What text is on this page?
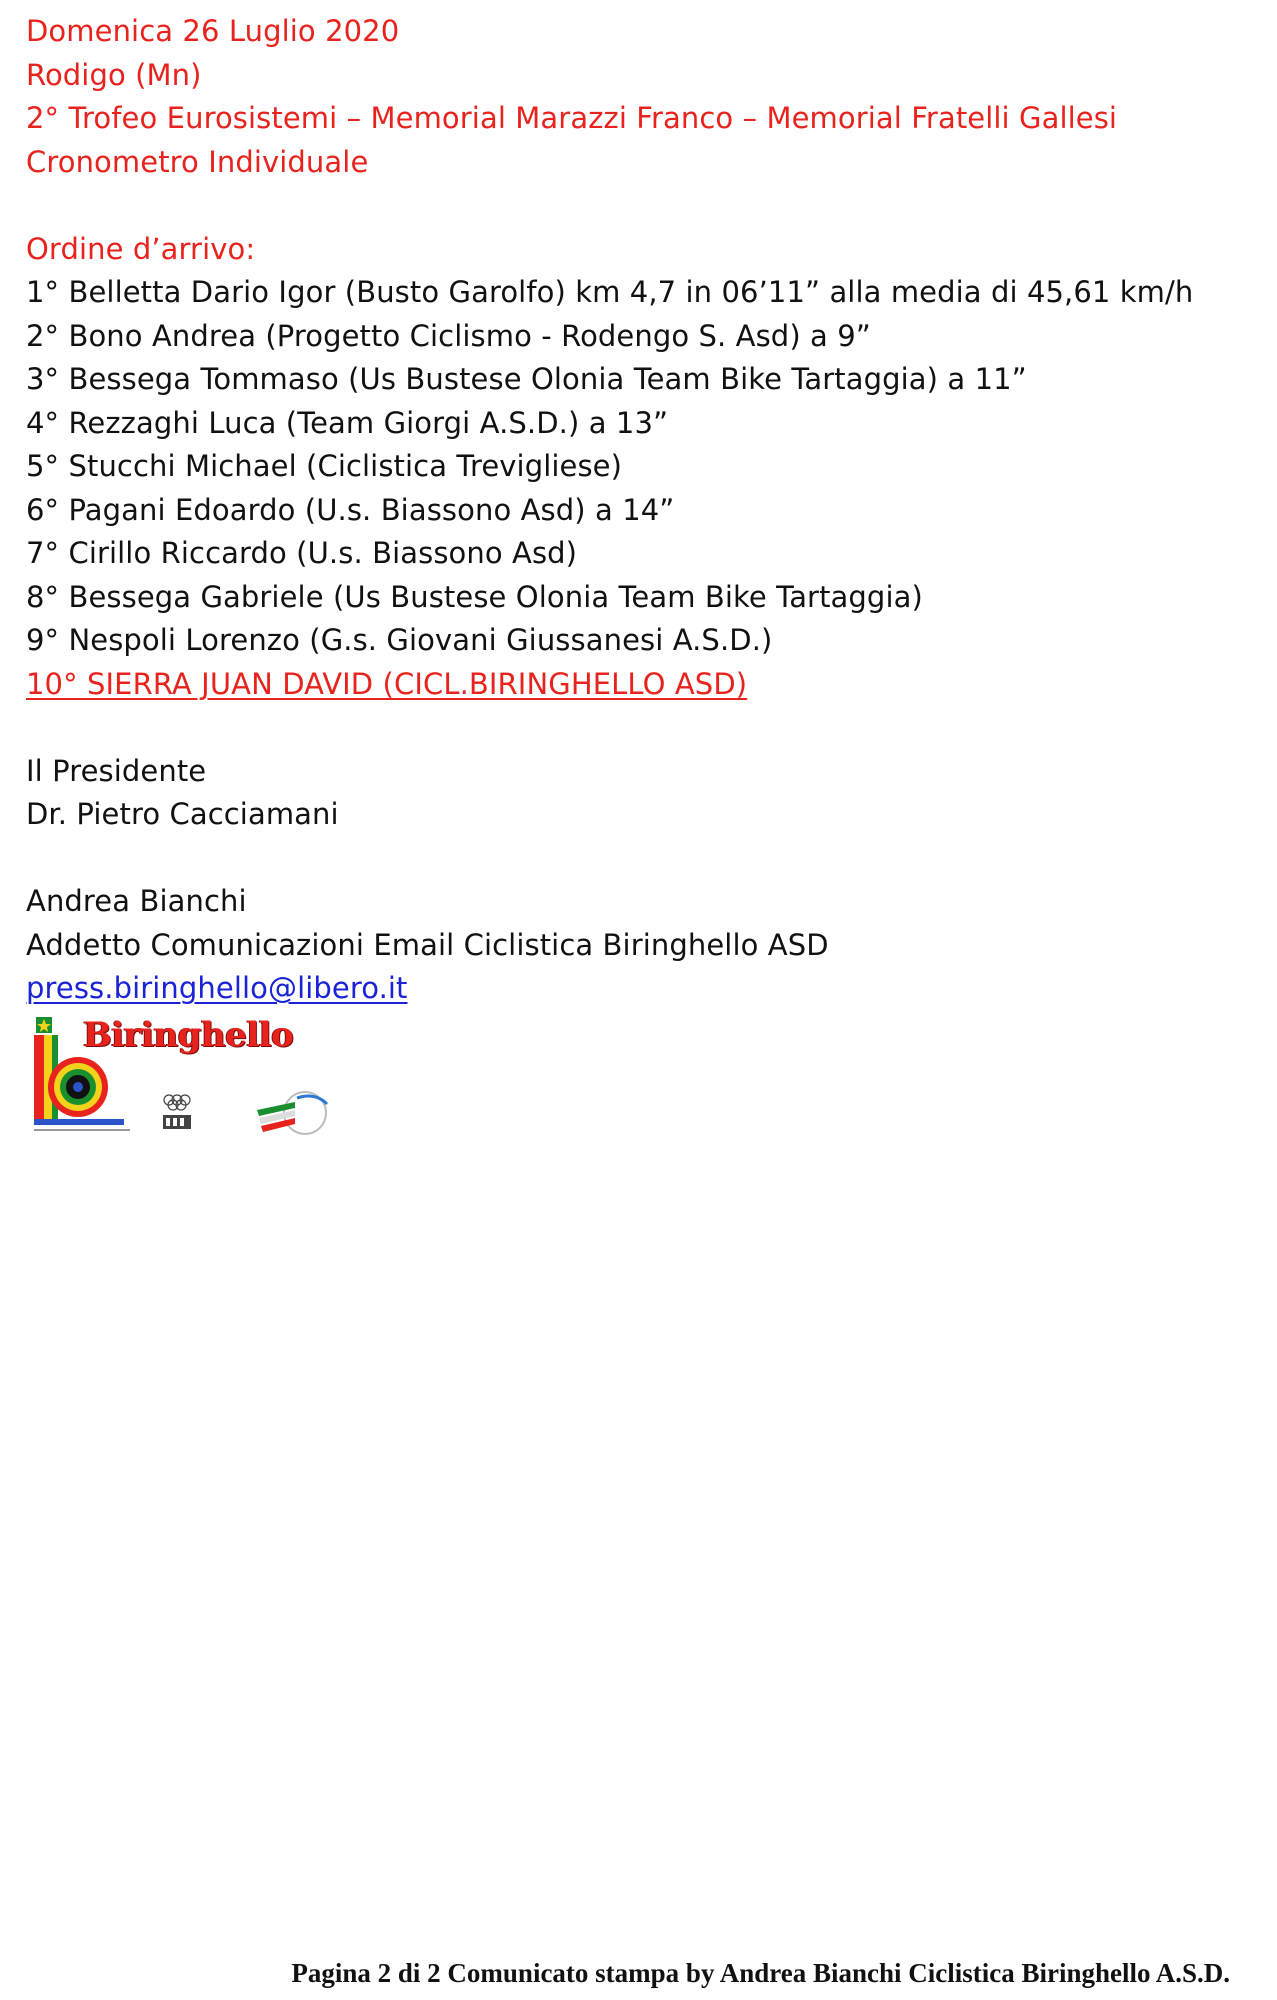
Domenica 26 Luglio 2020
Rodigo (Mn)
2° Trofeo Eurosistemi – Memorial Marazzi Franco – Memorial Fratelli Gallesi
Cronometro Individuale
Ordine d’arrivo:
1° Belletta Dario Igor (Busto Garolfo) km 4,7 in 06’11” alla media di 45,61 km/h
2° Bono Andrea (Progetto Ciclismo - Rodengo S. Asd) a 9”
3° Bessega Tommaso (Us Bustese Olonia Team Bike Tartaggia) a 11”
4° Rezzaghi Luca (Team Giorgi A.S.D.) a 13”
5° Stucchi Michael (Ciclistica Trevigliese)
6° Pagani Edoardo (U.s. Biassono Asd) a 14”
7° Cirillo Riccardo (U.s. Biassono Asd)
8° Bessega Gabriele (Us Bustese Olonia Team Bike Tartaggia)
9° Nespoli Lorenzo (G.s. Giovani Giussanesi A.S.D.)
10° SIERRA JUAN DAVID (CICL.BIRINGHELLO ASD)
Il Presidente
Dr. Pietro Cacciamani
Andrea Bianchi
Addetto Comunicazioni Email Ciclistica Biringhello ASD
press.biringhello@libero.it
Biringhello
Pagina 2 di 2 Comunicato stampa by Andrea Bianchi Ciclistica Biringhello A.S.D.
